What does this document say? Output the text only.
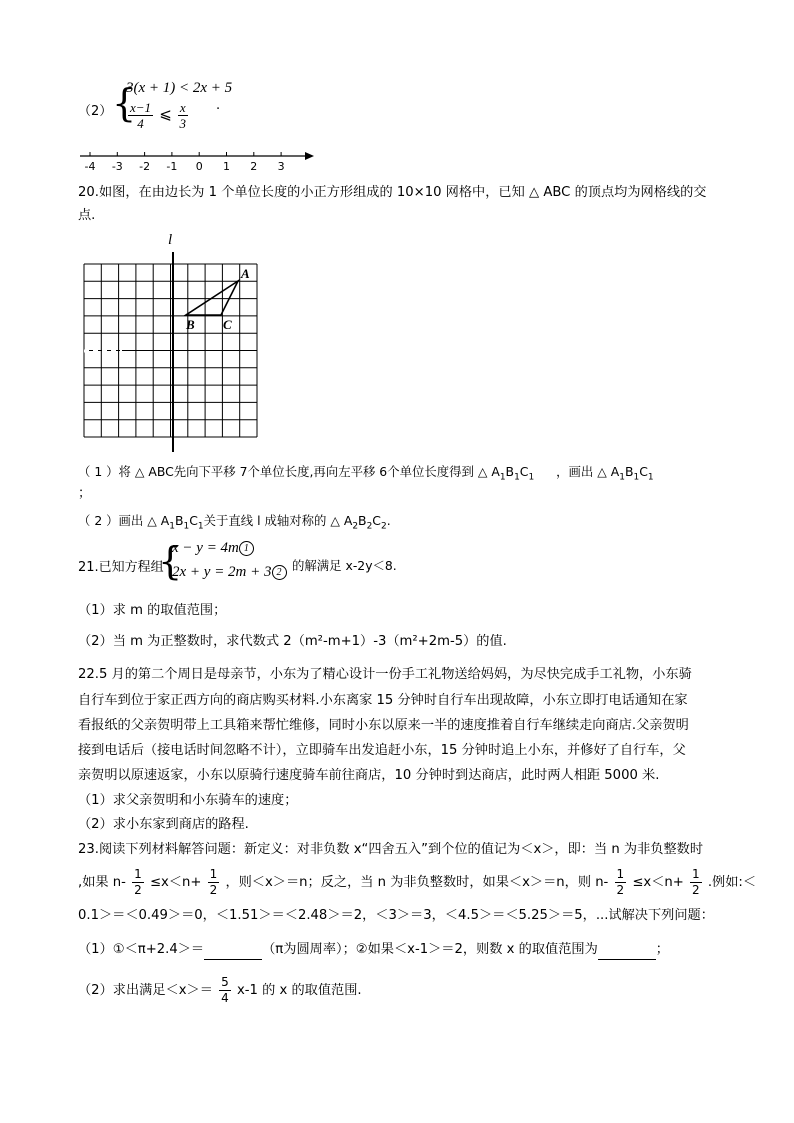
（2） {
3(x + 1) < 2x + 5
$\frac{x-1}{4}$ ⩽ $\frac{x}{3}$ .
-4 -3 -2 -1 0 1 2 3
20.如图，在由边长为 1 个单位长度的小正方形组成的 10×10 网格中，已知 △ ABC 的顶点均为网格线的交
点.
l
A
B C
（ 1 ）将 △ ABC先向下平移 7个单位长度,再向左平移 6个单位长度得到 △ $A_1B_1C_1$ ，画出 △ $A_1B_1C_1$
；
（ 2 ）画出 △ $A_1B_1C_1$关于直线 l 成轴对称的 △ $A_2B_2C_2$.
21.已知方程组
{
x − y = 4m 1
2x + y = 2m + 3 2 的解满足 x-2y＜8.
（1）求 m 的取值范围；
（2）当 m 为正整数时，求代数式 2（m²-m+1）-3（m²+2m-5）的值.
22.5 月的第二个周日是母亲节，小东为了精心设计一份手工礼物送给妈妈，为尽快完成手工礼物，小东骑
自行车到位于家正西方向的商店购买材料.小东离家 15 分钟时自行车出现故障，小东立即打电话通知在家
看报纸的父亲贺明带上工具箱来帮忙维修，同时小东以原来一半的速度推着自行车继续走向商店.父亲贺明
接到电话后（接电话时间忽略不计），立即骑车出发追赶小东，15 分钟时追上小东，并修好了自行车，父
亲贺明以原速返家，小东以原骑行速度骑车前往商店，10 分钟时到达商店，此时两人相距 5000 米.
（1）求父亲贺明和小东骑车的速度；
（2）求小东家到商店的路程.
23.阅读下列材料解答问题：新定义：对非负数 x“四舍五入”到个位的值记为＜x＞，即：当 n 为非负整数时
,如果 $n- \frac{1}{2} \le x<n+ \frac{1}{2}$ ，则＜x＞＝n；反之，当 n 为非负整数时，如果＜x＞＝n，则 $n- \frac{1}{2} \le x<n+ \frac{1}{2}$ .例如:＜
0.1＞＝＜0.49＞＝0，＜1.51＞＝＜2.48＞＝2，＜3＞＝3，＜4.5＞＝＜5.25＞＝5，...试解决下列问题：
（1）①＜π+2.4＞＝	（π为圆周率）；②如果＜x-1＞＝2，则数 x 的取值范围为	；
（2）求出满足$<x>= \frac{5}{4} x-1$ 的 x 的取值范围.
